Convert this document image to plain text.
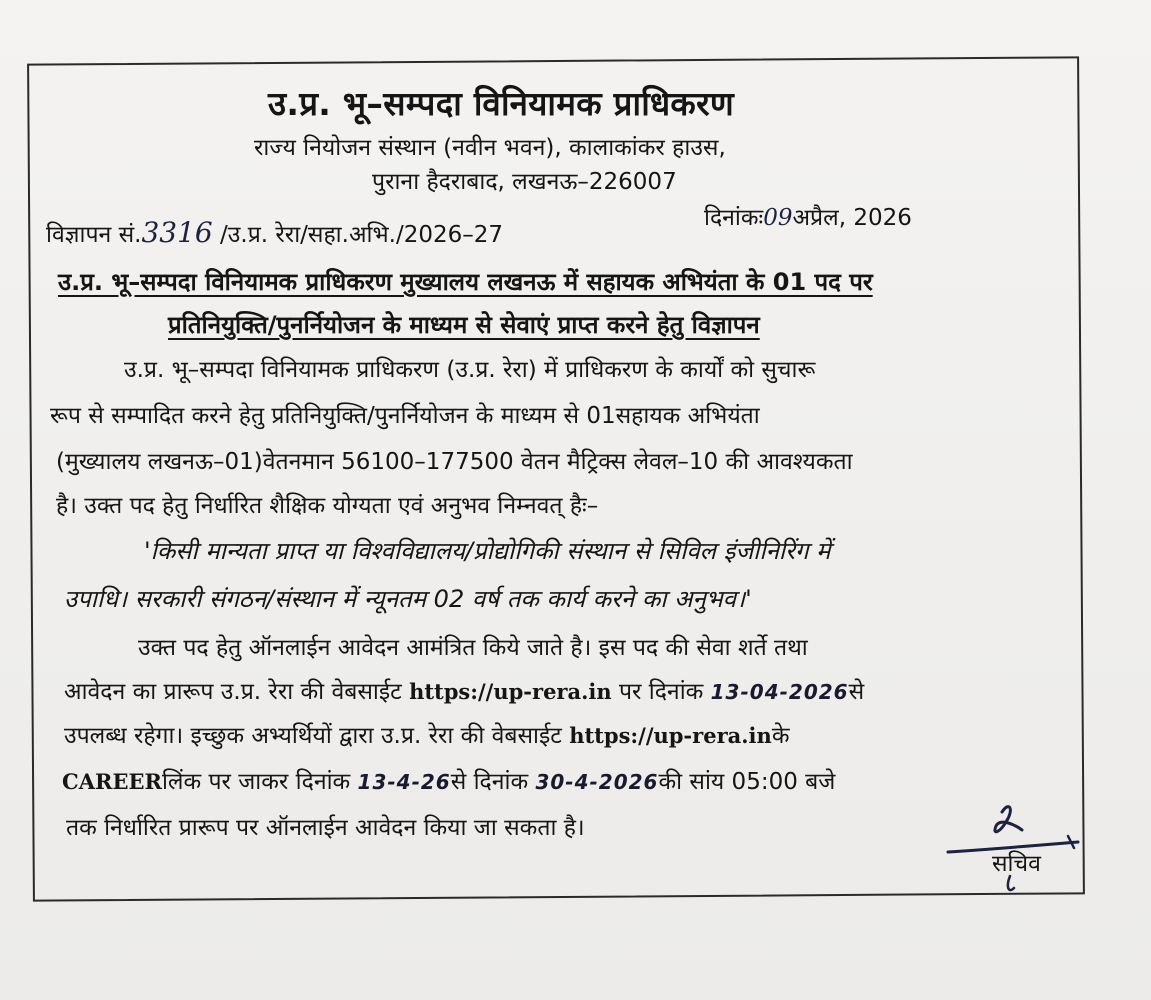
उ.प्र. भू–सम्पदा विनियामक प्राधिकरण
राज्य नियोजन संस्थान (नवीन भवन), कालाकांकर हाउस,
पुराना हैदराबाद, लखनऊ–226007
विज्ञापन सं.3316 /उ.प्र. रेरा/सहा.अभि./2026–27
दिनांकः09अप्रैल, 2026
उ.प्र. भू–सम्पदा विनियामक प्राधिकरण मुख्यालय लखनऊ में सहायक अभियंता के 01 पद पर
प्रतिनियुक्ति/पुनर्नियोजन के माध्यम से सेवाएं प्राप्त करने हेतु विज्ञापन
उ.प्र. भू–सम्पदा विनियामक प्राधिकरण (उ.प्र. रेरा) में प्राधिकरण के कार्यों को सुचारू
रूप से सम्पादित करने हेतु प्रतिनियुक्ति/पुनर्नियोजन के माध्यम से 01सहायक अभियंता
(मुख्यालय लखनऊ–01)वेतनमान 56100–177500 वेतन मैट्रिक्स लेवल–10 की आवश्यकता
है। उक्त पद हेतु निर्धारित शैक्षिक योग्यता एवं अनुभव निम्नवत् हैः–
'किसी मान्यता प्राप्त या विश्वविद्यालय/प्रोद्योगिकी संस्थान से सिविल इंजीनिरिंग में
उपाधि। सरकारी संगठन/संस्थान में न्यूनतम 02 वर्ष तक कार्य करने का अनुभव।'
उक्त पद हेतु ऑनलाईन आवेदन आमंत्रित किये जाते है। इस पद की सेवा शर्ते तथा
आवेदन का प्रारूप उ.प्र. रेरा की वेबसाईट https://up-rera.in पर दिनांक 13-04-2026से
उपलब्ध रहेगा। इच्छुक अभ्यर्थियों द्वारा उ.प्र. रेरा की वेबसाईट https://up-rera.inके
CAREERलिंक पर जाकर दिनांक 13-4-26से दिनांक 30-4-2026की सांय 05:00 बजे
तक निर्धारित प्रारूप पर ऑनलाईन आवेदन किया जा सकता है।
सचिव
